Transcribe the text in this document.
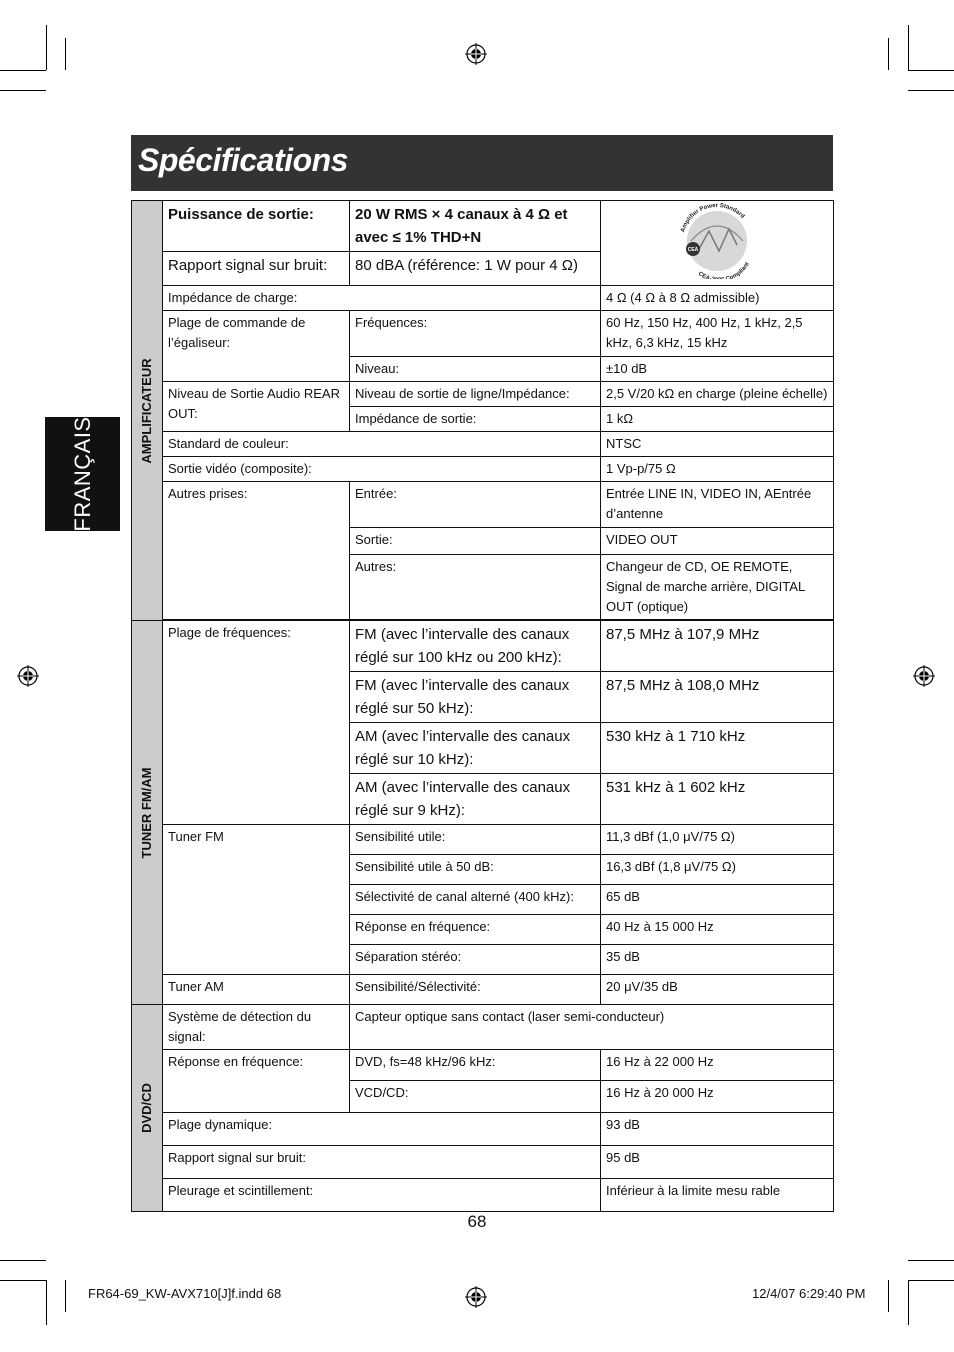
Spécifications
FRANÇAIS
AMPLIFICATEUR	Puissance de sortie:	20 W RMS × 4 canaux à 4 Ω et avec ≤ 1% THD+N	CEA
Amplifier Power Standard
CEA ompliant

	Rapport signal sur bruit:	80 dBA (référence: 1 W pour 4 Ω)	
	Impédance de charge:		4 Ω (4 Ω à 8 Ω admissible)
	Plage de commande de l’égaliseur:	Fréquences:	60 Hz, 150 Hz, 400 Hz, 1 kHz, 2,5 kHz, 6,3 kHz, 15 kHz
		Niveau:	±10 dB
	Niveau de Sortie Audio REAR OUT:	Niveau de sortie de ligne/Impédance:	2,5 V/20 kΩ en charge (pleine échelle)
		Impédance de sortie:	1 kΩ
	Standard de couleur:		NTSC
	Sortie vidéo (composite):		1 Vp-p/75 Ω
	Autres prises:	Entrée:	Entrée LINE IN, VIDEO IN, AEntrée d’antenne
		Sortie:	VIDEO OUT
		Autres:	Changeur de CD, OE REMOTE, Signal de marche arrière, DIGITAL OUT (optique)

TUNER FM/AM	Plage de fréquences:	FM (avec l’intervalle des canaux réglé sur 100 kHz ou 200 kHz):	87,5 MHz à 107,9 MHz
		FM (avec l’intervalle des canaux réglé sur 50 kHz):	87,5 MHz à 108,0 MHz
		AM (avec l’intervalle des canaux réglé sur 10 kHz):	530 kHz à 1 710 kHz
		AM (avec l’intervalle des canaux réglé sur 9 kHz):	531 kHz à 1 602 kHz
	Tuner FM	Sensibilité utile:	11,3 dBf (1,0 μV/75 Ω)
		Sensibilité utile à 50 dB:	16,3 dBf (1,8 μV/75 Ω)
		Sélectivité de canal alterné (400 kHz):	65 dB
		Réponse en fréquence:	40 Hz à 15 000 Hz
		Séparation stéréo:	35 dB
	Tuner AM	Sensibilité/Sélectivité:	20 μV/35 dB

DVD/CD	Système de détection du signal:	Capteur optique sans contact (laser semi-conducteur)	
	Réponse en fréquence:	DVD, fs=48 kHz/96 kHz:	16 Hz à 22 000 Hz
		VCD/CD:	16 Hz à 20 000 Hz
	Plage dynamique:		93 dB
	Rapport signal sur bruit:		95 dB
	Pleurage et scintillement:		Inférieur à la limite mesu rable
68
FR64-69_KW-AVX710[J]f.indd 68	12/4/07 6:29:40 PM
